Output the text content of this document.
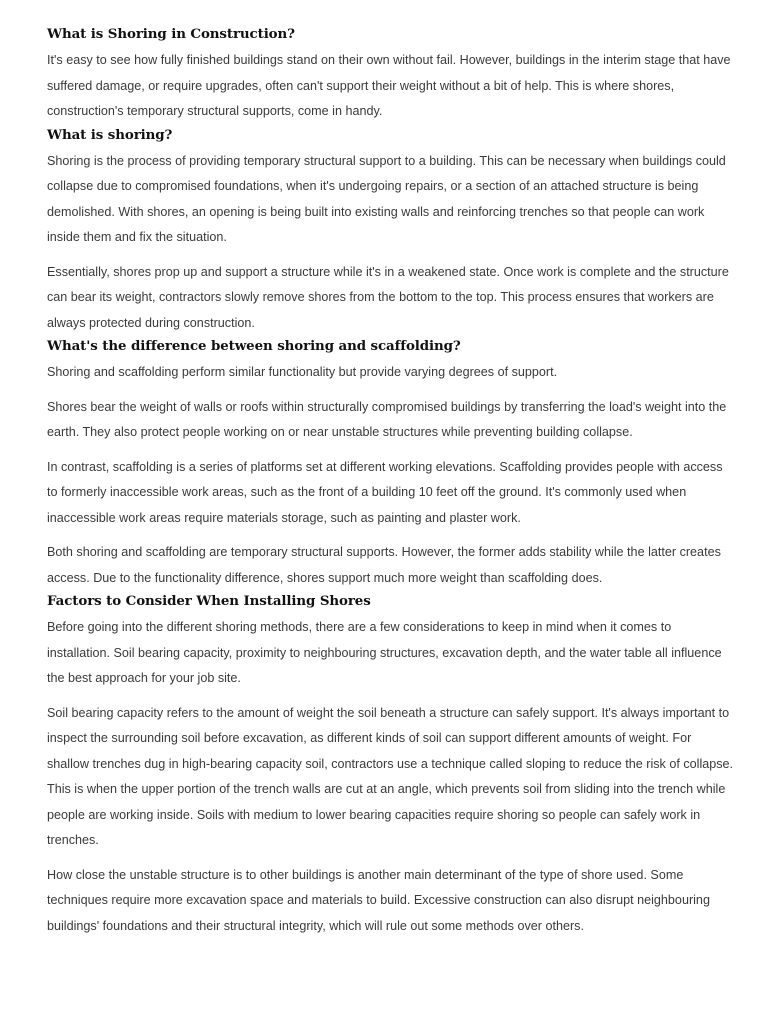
What is Shoring in Construction?

It's easy to see how fully finished buildings stand on their own without fail. However, buildings in the interim stage that have suffered damage, or require upgrades, often can't support their weight without a bit of help. This is where shores, construction's temporary structural supports, come in handy.

What is shoring?

Shoring is the process of providing temporary structural support to a building. This can be necessary when buildings could collapse due to compromised foundations, when it's undergoing repairs, or a section of an attached structure is being demolished. With shores, an opening is being built into existing walls and reinforcing trenches so that people can work inside them and fix the situation.

Essentially, shores prop up and support a structure while it's in a weakened state. Once work is complete and the structure can bear its weight, contractors slowly remove shores from the bottom to the top. This process ensures that workers are always protected during construction.

What's the difference between shoring and scaffolding?

Shoring and scaffolding perform similar functionality but provide varying degrees of support.

Shores bear the weight of walls or roofs within structurally compromised buildings by transferring the load's weight into the earth. They also protect people working on or near unstable structures while preventing building collapse.

In contrast, scaffolding is a series of platforms set at different working elevations. Scaffolding provides people with access to formerly inaccessible work areas, such as the front of a building 10 feet off the ground. It's commonly used when inaccessible work areas require materials storage, such as painting and plaster work.

Both shoring and scaffolding are temporary structural supports. However, the former adds stability while the latter creates access. Due to the functionality difference, shores support much more weight than scaffolding does.

Factors to Consider When Installing Shores

Before going into the different shoring methods, there are a few considerations to keep in mind when it comes to installation. Soil bearing capacity, proximity to neighbouring structures, excavation depth, and the water table all influence the best approach for your job site.

Soil bearing capacity refers to the amount of weight the soil beneath a structure can safely support. It's always important to inspect the surrounding soil before excavation, as different kinds of soil can support different amounts of weight. For shallow trenches dug in high-bearing capacity soil, contractors use a technique called sloping to reduce the risk of collapse. This is when the upper portion of the trench walls are cut at an angle, which prevents soil from sliding into the trench while people are working inside. Soils with medium to lower bearing capacities require shoring so people can safely work in trenches.

How close the unstable structure is to other buildings is another main determinant of the type of shore used. Some techniques require more excavation space and materials to build. Excessive construction can also disrupt neighbouring buildings' foundations and their structural integrity, which will rule out some methods over others.
